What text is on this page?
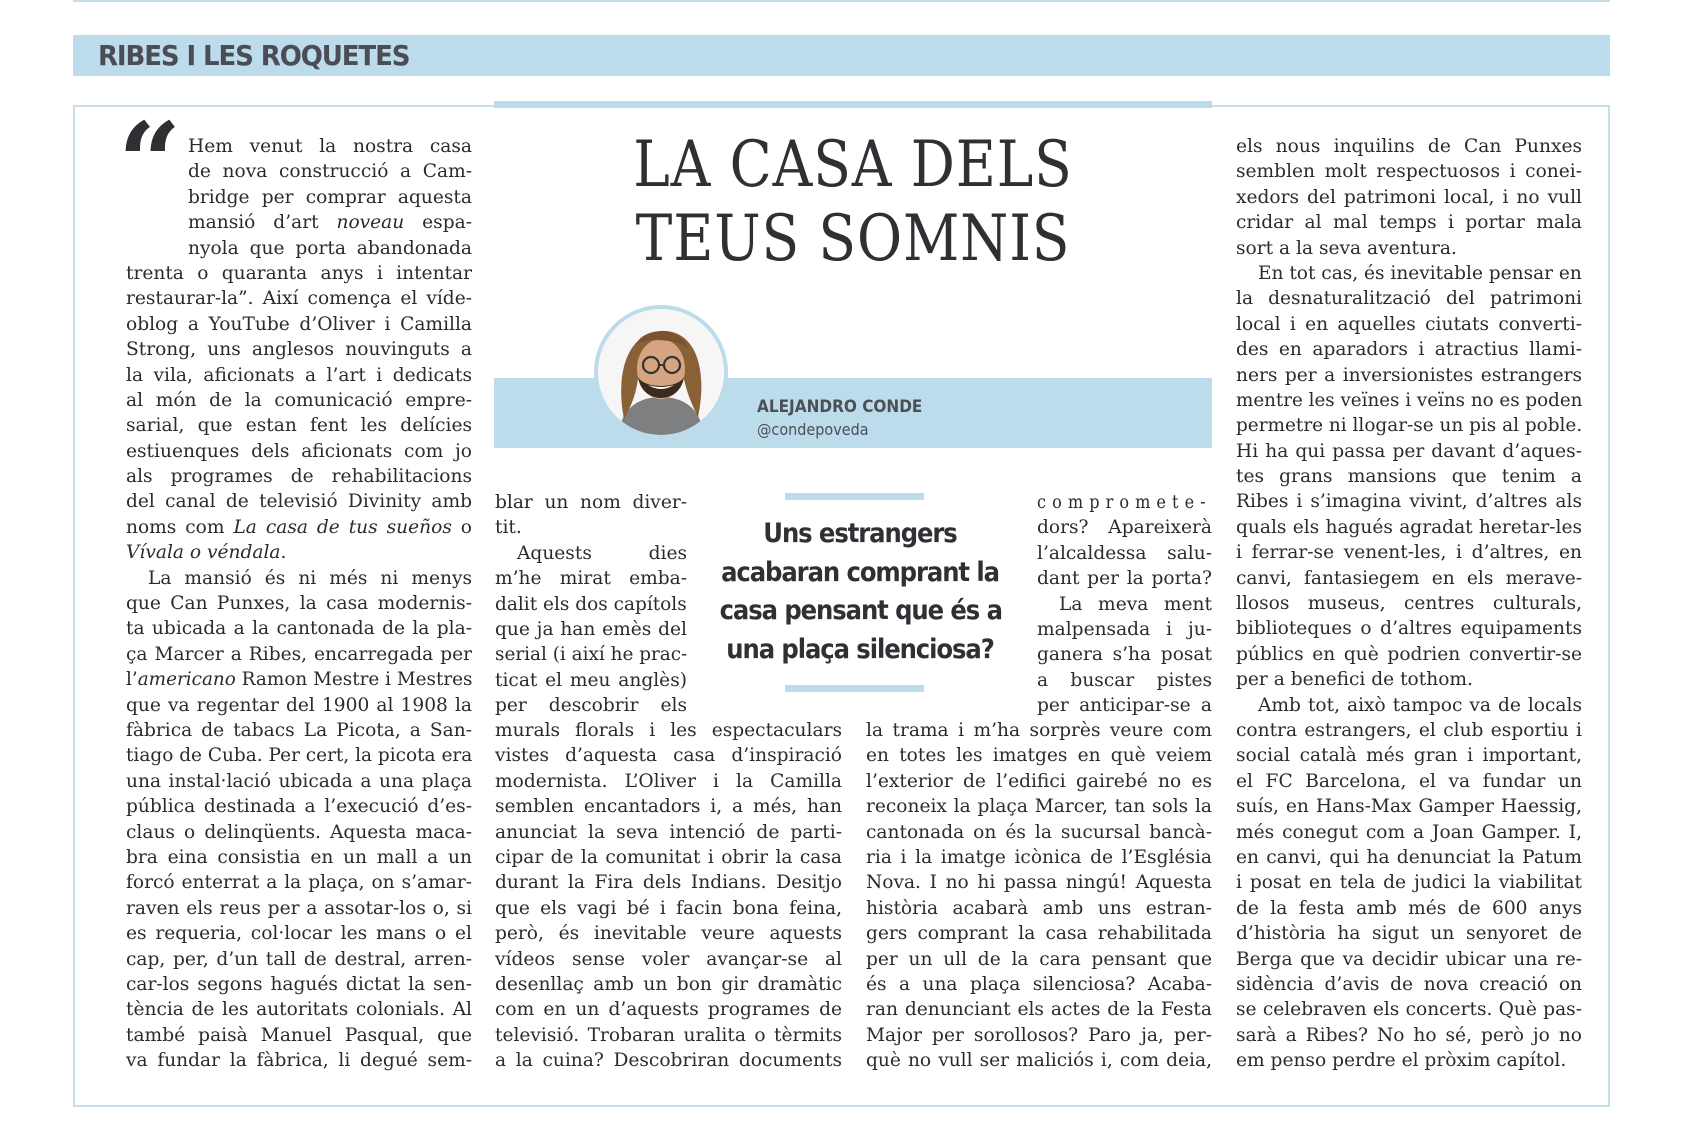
RIBES I LES ROQUETES
LA CASA DELS
TEUS SOMNIS
ALEJANDRO CONDE
@condepoveda
Uns estrangers
acabaran comprant la
casa pensant que és a
una plaça silenciosa?
“ Hem venut la nostra casa
de nova construcció a Cam-
bridge per comprar aquesta
mansió d’art noveau espa-
nyola que porta abandonada
trenta o quaranta anys i intentar
restaurar-la”. Així comença el víde-
oblog a YouTube d’Oliver i Camilla
Strong, uns anglesos nouvinguts a
la vila, aficionats a l’art i dedicats
al món de la comunicació empre-
sarial, que estan fent les delícies
estiuenques dels aficionats com jo
als programes de rehabilitacions
del canal de televisió Divinity amb
noms com La casa de tus sueños o
Vívala o véndala.
La mansió és ni més ni menys
que Can Punxes, la casa modernis-
ta ubicada a la cantonada de la pla-
ça Marcer a Ribes, encarregada per
l’americano Ramon Mestre i Mestres
que va regentar del 1900 al 1908 la
fàbrica de tabacs La Picota, a San-
tiago de Cuba. Per cert, la picota era
una instal·lació ubicada a una plaça
pública destinada a l’execució d’es-
claus o delinqüents. Aquesta maca-
bra eina consistia en un mall a un
forcó enterrat a la plaça, on s’amar-
raven els reus per a assotar-los o, si
es requeria, col·locar les mans o el
cap, per, d’un tall de destral, arren-
car-los segons hagués dictat la sen-
tència de les autoritats colonials. Al
també paisà Manuel Pasqual, que
va fundar la fàbrica, li degué sem-
blar un nom diver-
tit.
Aquests dies
m’he mirat emba-
dalit els dos capítols
que ja han emès del
serial (i així he prac-
ticat el meu anglès)
per descobrir els
murals florals i les espectaculars
vistes d’aquesta casa d’inspiració
modernista. L’Oliver i la Camilla
semblen encantadors i, a més, han
anunciat la seva intenció de parti-
cipar de la comunitat i obrir la casa
durant la Fira dels Indians. Desitjo
que els vagi bé i facin bona feina,
però, és inevitable veure aquests
vídeos sense voler avançar-se al
desenllaç amb un bon gir dramàtic
com en un d’aquests programes de
televisió. Trobaran uralita o tèrmits
a la cuina? Descobriran documents
compromete-
dors? Apareixerà
l’alcaldessa salu-
dant per la porta?
La meva ment
malpensada i ju-
ganera s’ha posat
a buscar pistes
per anticipar-se a
la trama i m’ha sorprès veure com
en totes les imatges en què veiem
l’exterior de l’edifici gairebé no es
reconeix la plaça Marcer, tan sols la
cantonada on és la sucursal bancà-
ria i la imatge icònica de l’Església
Nova. I no hi passa ningú! Aquesta
història acabarà amb uns estran-
gers comprant la casa rehabilitada
per un ull de la cara pensant que
és a una plaça silenciosa? Acaba-
ran denunciant els actes de la Festa
Major per sorollosos? Paro ja, per-
què no vull ser maliciós i, com deia,
els nous inquilins de Can Punxes
semblen molt respectuosos i conei-
xedors del patrimoni local, i no vull
cridar al mal temps i portar mala
sort a la seva aventura.
En tot cas, és inevitable pensar en
la desnaturalització del patrimoni
local i en aquelles ciutats converti-
des en aparadors i atractius llami-
ners per a inversionistes estrangers
mentre les veïnes i veïns no es poden
permetre ni llogar-se un pis al poble.
Hi ha qui passa per davant d’aques-
tes grans mansions que tenim a
Ribes i s’imagina vivint, d’altres als
quals els hagués agradat heretar-les
i ferrar-se venent-les, i d’altres, en
canvi, fantasiegem en els merave-
llosos museus, centres culturals,
biblioteques o d’altres equipaments
públics en què podrien convertir-se
per a benefici de tothom.
Amb tot, això tampoc va de locals
contra estrangers, el club esportiu i
social català més gran i important,
el FC Barcelona, el va fundar un
suís, en Hans-Max Gamper Haessig,
més conegut com a Joan Gamper. I,
en canvi, qui ha denunciat la Patum
i posat en tela de judici la viabilitat
de la festa amb més de 600 anys
d’història ha sigut un senyoret de
Berga que va decidir ubicar una re-
sidència d’avis de nova creació on
se celebraven els concerts. Què pas-
sarà a Ribes? No ho sé, però jo no
em penso perdre el pròxim capítol.
